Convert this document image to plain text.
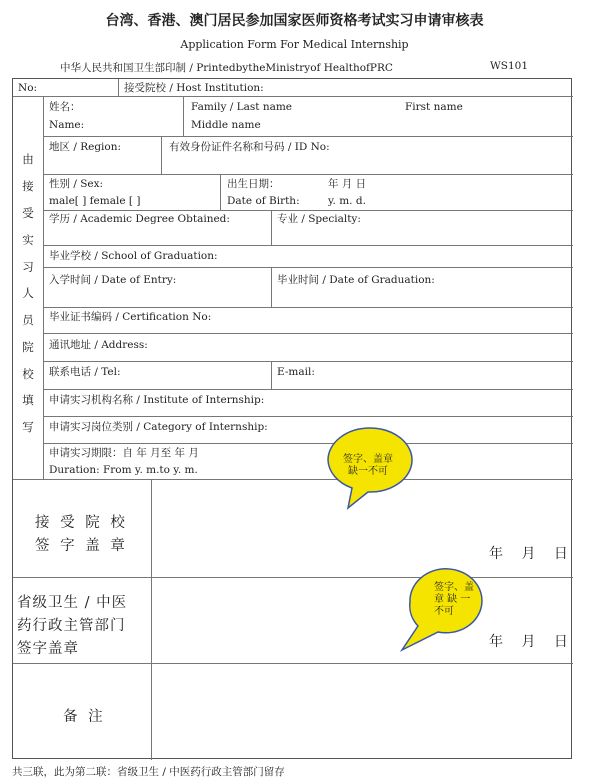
台湾、香港、澳门居民参加国家医师资格考试实习申请审核表
Application Form For Medical Internship
中华人民共和国卫生部印制 / PrintedbytheMinistryof HealthofPRC	WS101
No:	接受院校 / Host Institution:
由
接
受
实
习
人
员
院
校
填
写
姓名：
Name:
Family / Last name	First name
Middle name
地区 / Region:	有效身份证件名称和号码 / ID No:
性别 / Sex:
male[ ] female [ ]
出生日期：	年 月 日
Date of Birth:	y. m. d.
学历 / Academic Degree Obtained:	专业 / Specialty:
毕业学校 / School of Graduation:
入学时间 / Date of Entry:	毕业时间 / Date of Graduation:
毕业证书编码 / Certification No:
通讯地址 / Address:
联系电话 / Tel:	E-mail:
申请实习机构名称 / Institute of Internship:
申请实习岗位类别 / Category of Internship:
申请实习期限：自 年 月至 年 月
Duration: From y. m.to y. m.
接 受 院 校
签 字 盖 章	年 月 日
省级卫生 / 中医
药行政主管部门
签字盖章	年 月 日
备 注
签字、盖章
缺一不可
签字、盖
章 缺 一
不可
共三联，此为第二联：省级卫生 / 中医药行政主管部门留存
